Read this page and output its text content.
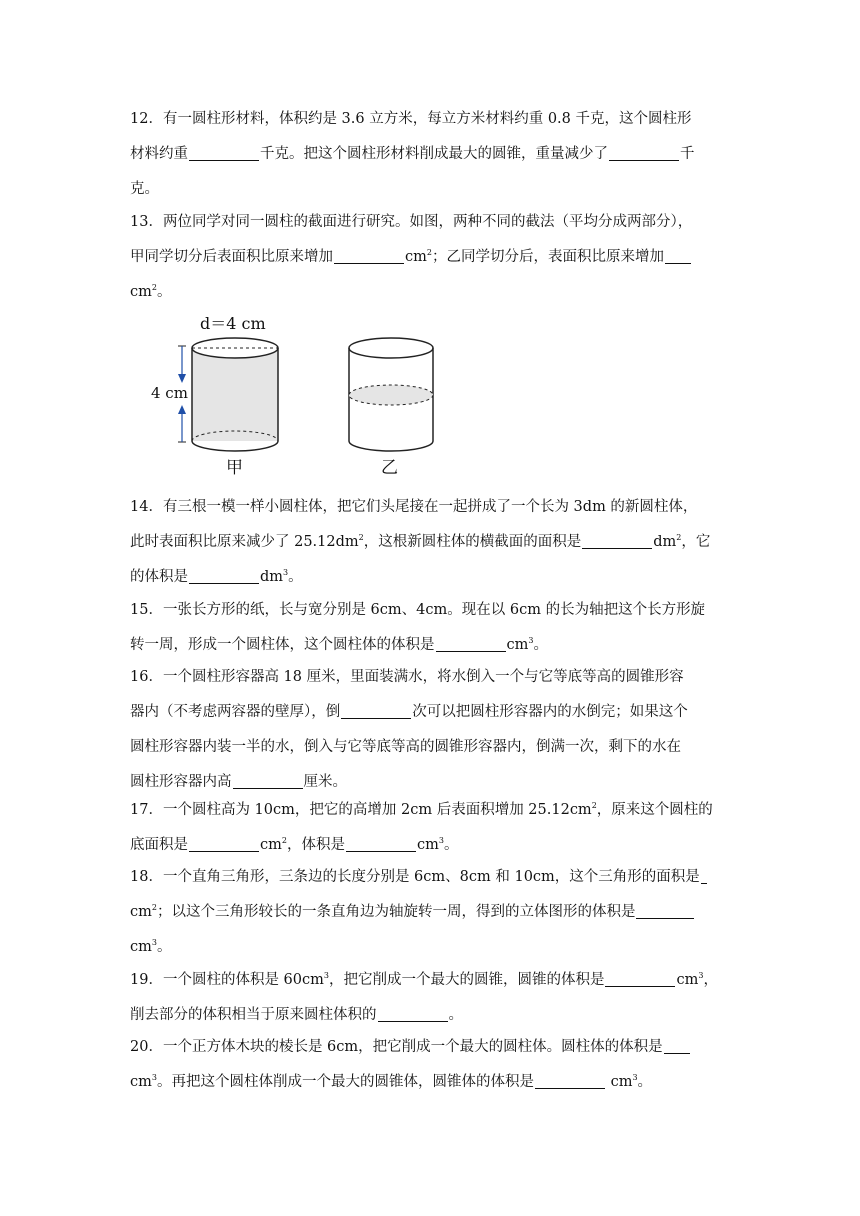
12．有一圆柱形材料，体积约是 3.6 立方米，每立方米材料约重 0.8 千克，这个圆柱形

材料约重	千克。把这个圆柱形材料削成最大的圆锥，重量减少了	千

克。

13．两位同学对同一圆柱的截面进行研究。如图，两种不同的截法（平均分成两部分），

甲同学切分后表面积比原来增加	$cm^2$；乙同学切分后，表面积比原来增加

$cm^2$。

4 cm
d＝4 cm
甲	乙

14．有三根一模一样小圆柱体，把它们头尾接在一起拼成了一个长为 3dm 的新圆柱体，

此时表面积比原来减少了 $25.12dm^2$，这根新圆柱体的横截面的面积是	$dm^2$，它

的体积是	$dm^3$。

15．一张长方形的纸，长与宽分别是 6cm、4cm。现在以 6cm 的长为轴把这个长方形旋

转一周，形成一个圆柱体，这个圆柱体的体积是	$cm^3$。

16．一个圆柱形容器高 18 厘米，里面装满水，将水倒入一个与它等底等高的圆锥形容

器内（不考虑两容器的壁厚），倒	次可以把圆柱形容器内的水倒完；如果这个

圆柱形容器内装一半的水，倒入与它等底等高的圆锥形容器内，倒满一次，剩下的水在

圆柱形容器内高	厘米。

17．一个圆柱高为 10cm，把它的高增加 2cm 后表面积增加 $25.12cm^2$，原来这个圆柱的

底面积是	$cm^2$，体积是	$cm^3$。

18．一个直角三角形，三条边的长度分别是 6cm、8cm 和 10cm，这个三角形的面积是

$cm^2$；以这个三角形较长的一条直角边为轴旋转一周，得到的立体图形的体积是

$cm^3$。

19．一个圆柱的体积是 $60cm^3$，把它削成一个最大的圆锥，圆锥的体积是	$cm^3$，

削去部分的体积相当于原来圆柱体积的	。

20．一个正方体木块的棱长是 6cm，把它削成一个最大的圆柱体。圆柱体的体积是

$cm^3$。再把这个圆柱体削成一个最大的圆锥体，圆锥体的体积是	$cm^3$。
